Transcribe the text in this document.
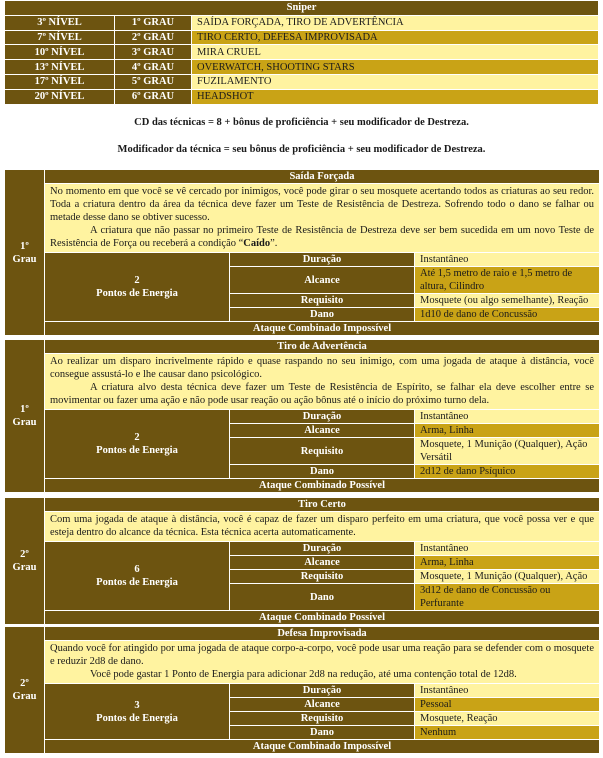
Sniper		
3º NÍVEL	1º GRAU	SAÍDA FORÇADA, TIRO DE ADVERTÊNCIA
7º NÍVEL	2º GRAU	TIRO CERTO, DEFESA IMPROVISADA
10º NÍVEL	3º GRAU	MIRA CRUEL
13º NÍVEL	4º GRAU	OVERWATCH, SHOOTING STARS
17º NÍVEL	5º GRAU	FUZILAMENTO
20º NÍVEL	6º GRAU	HEADSHOT
CD das técnicas = 8 + bônus de proficiência + seu modificador de Destreza.
Modificador da técnica = seu bônus de proficiência + seu modificador de Destreza.
1º Grau	Saída Forçada		

	No momento em que você se vê cercado por inimigos, você pode girar o seu mosquete acertando todos as criaturas ao seu redor. Toda a criatura dentro da área da técnica deve fazer um Teste de Resistência de Destreza. Sofrendo todo o dano se falhar ou metade desse dano se obtiver sucesso.

A criatura que não passar no primeiro Teste de Resistência de Destreza deve ser bem sucedida em um novo Teste de Resistência de Força ou receberá a condição “Caído”.		

	2
Pontos de Energia	Duração	Instantâneo
		Alcance	Até 1,5 metro de raio e 1,5 metro de altura, Cilindro
		Requisito	Mosquete (ou algo semelhante), Reação
		Dano	1d10 de dano de Concussão
	Ataque Combinado Impossível		
1º Grau	Tiro de Advertência		

	Ao realizar um disparo incrivelmente rápido e quase raspando no seu inimigo, com uma jogada de ataque à distância, você consegue assustá-lo e lhe causar dano psicológico.

A criatura alvo desta técnica deve fazer um Teste de Resistência de Espírito, se falhar ela deve escolher entre se movimentar ou fazer uma ação e não pode usar reação ou ação bônus até o início do próximo turno dela.		

	2
Pontos de Energia	Duração	Instantâneo
		Alcance	Arma, Linha
		Requisito	Mosquete, 1 Munição (Qualquer), Ação Versátil
		Dano	2d12 de dano Psíquico
	Ataque Combinado Possível		
2º Grau	Tiro Certo		

	Com uma jogada de ataque à distância, você é capaz de fazer um disparo perfeito em uma criatura, que você possa ver e que esteja dentro do alcance da técnica. Esta técnica acerta automaticamente.		

	6
Pontos de Energia	Duração	Instantâneo
		Alcance	Arma, Linha
		Requisito	Mosquete, 1 Munição (Qualquer), Ação
		Dano	3d12 de dano de Concussão ou Perfurante
	Ataque Combinado Possível		
2º Grau	Defesa Improvisada		

	Quando você for atingido por uma jogada de ataque corpo-a-corpo, você pode usar uma reação para se defender com o mosquete e reduzir 2d8 de dano.

Você pode gastar 1 Ponto de Energia para adicionar 2d8 na redução, até uma contenção total de 12d8.		

	3
Pontos de Energia	Duração	Instantâneo
		Alcance	Pessoal
		Requisito	Mosquete, Reação
		Dano	Nenhum
	Ataque Combinado Impossível		
